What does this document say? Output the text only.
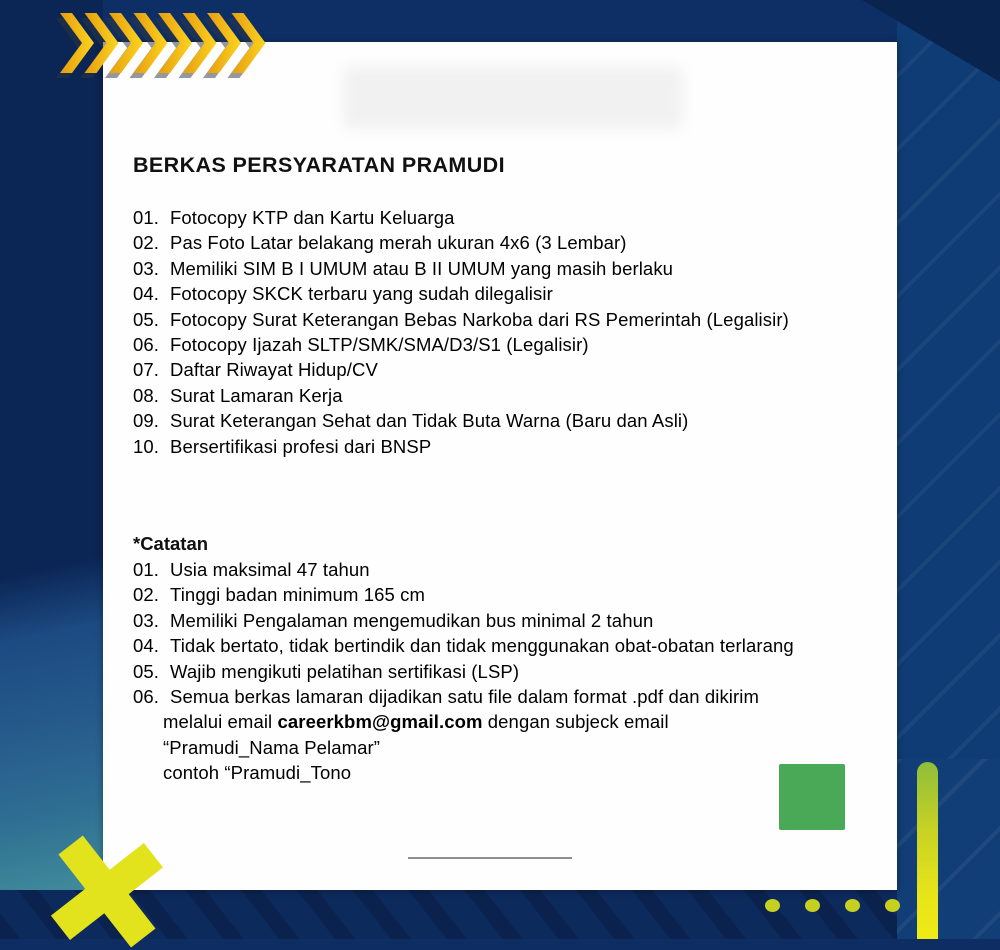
BERKAS PERSYARATAN PRAMUDI
01. Fotocopy KTP dan Kartu Keluarga
02. Pas Foto Latar belakang merah ukuran 4x6 (3 Lembar)
03. Memiliki SIM B I UMUM atau B II UMUM yang masih berlaku
04. Fotocopy SKCK terbaru yang sudah dilegalisir
05. Fotocopy Surat Keterangan Bebas Narkoba dari RS Pemerintah (Legalisir)
06. Fotocopy Ijazah SLTP/SMK/SMA/D3/S1 (Legalisir)
07. Daftar Riwayat Hidup/CV
08. Surat Lamaran Kerja
09. Surat Keterangan Sehat dan Tidak Buta Warna (Baru dan Asli)
10. Bersertifikasi profesi dari BNSP
*Catatan
01. Usia maksimal 47 tahun
02. Tinggi badan minimum 165 cm
03. Memiliki Pengalaman mengemudikan bus minimal 2 tahun
04. Tidak bertato, tidak bertindik dan tidak menggunakan obat-obatan terlarang
05. Wajib mengikuti pelatihan sertifikasi (LSP)
06. Semua berkas lamaran dijadikan satu file dalam format .pdf dan dikirim
melalui email careerkbm@gmail.com dengan subjeck email
“Pramudi_Nama Pelamar”
contoh “Pramudi_Tono
